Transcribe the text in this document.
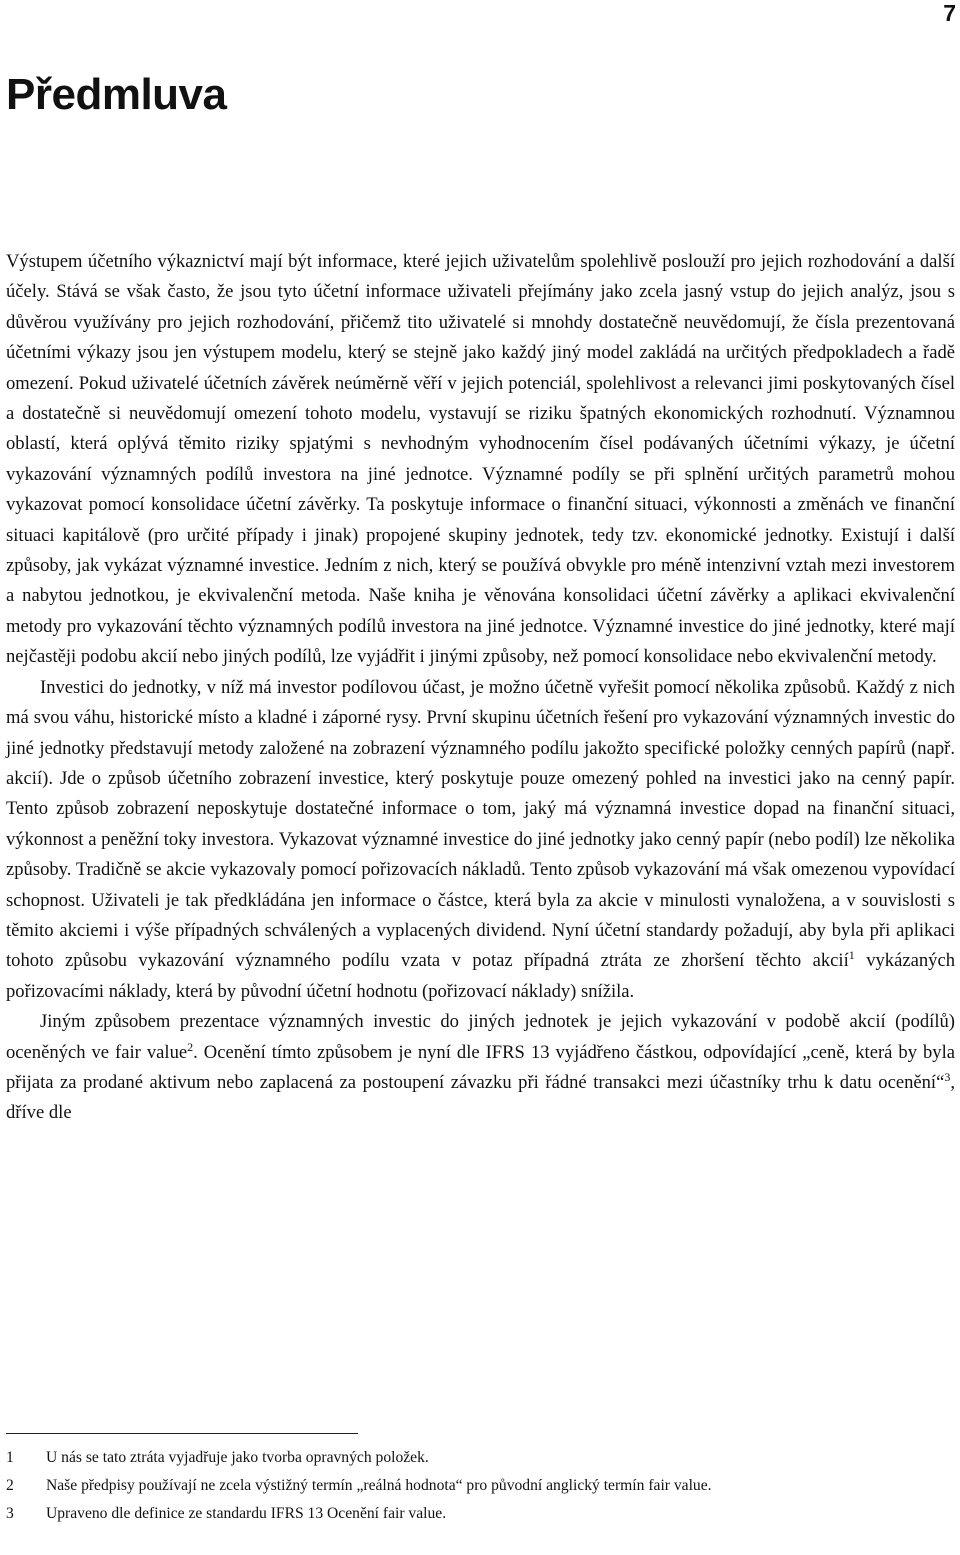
7
Předmluva

Výstupem účetního výkaznictví mají být informace, které jejich uživatelům spolehlivě poslouží pro jejich rozhodování a další účely. Stává se však často, že jsou tyto účetní informace uživateli přejímány jako zcela jasný vstup do jejich analýz, jsou s důvěrou využívány pro jejich rozhodování, přičemž tito uživatelé si mnohdy dostatečně neuvědomují, že čísla prezentovaná účetními výkazy jsou jen výstupem modelu, který se stejně jako každý jiný model zakládá na určitých předpokladech a řadě omezení. Pokud uživatelé účetních závěrek neúměrně věří v jejich potenciál, spolehlivost a relevanci jimi poskytovaných čísel a dostatečně si neuvědomují omezení tohoto modelu, vystavují se riziku špatných ekonomických rozhodnutí. Významnou oblastí, která oplývá těmito riziky spjatými s nevhodným vyhodnocením čísel podávaných účetními výkazy, je účetní vykazování významných podílů investora na jiné jednotce. Významné podíly se při splnění určitých parametrů mohou vykazovat pomocí konsolidace účetní závěrky. Ta poskytuje informace o finanční situaci, výkonnosti a změnách ve finanční situaci kapitálově (pro určité případy i jinak) propojené skupiny jednotek, tedy tzv. ekonomické jednotky. Existují i další způsoby, jak vykázat významné investice. Jedním z nich, který se používá obvykle pro méně intenzivní vztah mezi investorem a nabytou jednotkou, je ekvivalenční metoda. Naše kniha je věnována konsolidaci účetní závěrky a aplikaci ekvivalenční metody pro vykazování těchto významných podílů investora na jiné jednotce. Významné investice do jiné jednotky, které mají nejčastěji podobu akcií nebo jiných podílů, lze vyjádřit i jinými způsoby, než pomocí konsolidace nebo ekvivalenční metody.

Investici do jednotky, v níž má investor podílovou účast, je možno účetně vyřešit pomocí několika způsobů. Každý z nich má svou váhu, historické místo a kladné i záporné rysy. První skupinu účetních řešení pro vykazování významných investic do jiné jednotky představují metody založené na zobrazení významného podílu jakožto specifické položky cenných papírů (např. akcií). Jde o způsob účetního zobrazení investice, který poskytuje pouze omezený pohled na investici jako na cenný papír. Tento způsob zobrazení neposkytuje dostatečné informace o tom, jaký má významná investice dopad na finanční situaci, výkonnost a peněžní toky investora. Vykazovat významné investice do jiné jednotky jako cenný papír (nebo podíl) lze několika způsoby. Tradičně se akcie vykazovaly pomocí pořizovacích nákladů. Tento způsob vykazování má však omezenou vypovídací schopnost. Uživateli je tak předkládána jen informace o částce, která byla za akcie v minulosti vynaložena, a v souvislosti s těmito akciemi i výše případných schválených a vyplacených dividend. Nyní účetní standardy požadují, aby byla při aplikaci tohoto způsobu vykazování významného podílu vzata v potaz případná ztráta ze zhoršení těchto akcií$^1$ vykázaných pořizovacími náklady, která by původní účetní hodnotu (pořizovací náklady) snížila.

Jiným způsobem prezentace významných investic do jiných jednotek je jejich vykazování v podobě akcií (podílů) oceněných ve fair value$^2$. Ocenění tímto způsobem je nyní dle IFRS 13 vyjádřeno částkou, odpovídající „ceně, která by byla přijata za prodané aktivum nebo zaplacená za postoupení závazku při řádné transakci mezi účastníky trhu k datu ocenění“$^3$, dříve dle

1	U nás se tato ztráta vyjadřuje jako tvorba opravných položek.
2	Naše předpisy používají ne zcela výstižný termín „reálná hodnota“ pro původní anglický termín fair value.
3	Upraveno dle definice ze standardu IFRS 13 Ocenění fair value.
